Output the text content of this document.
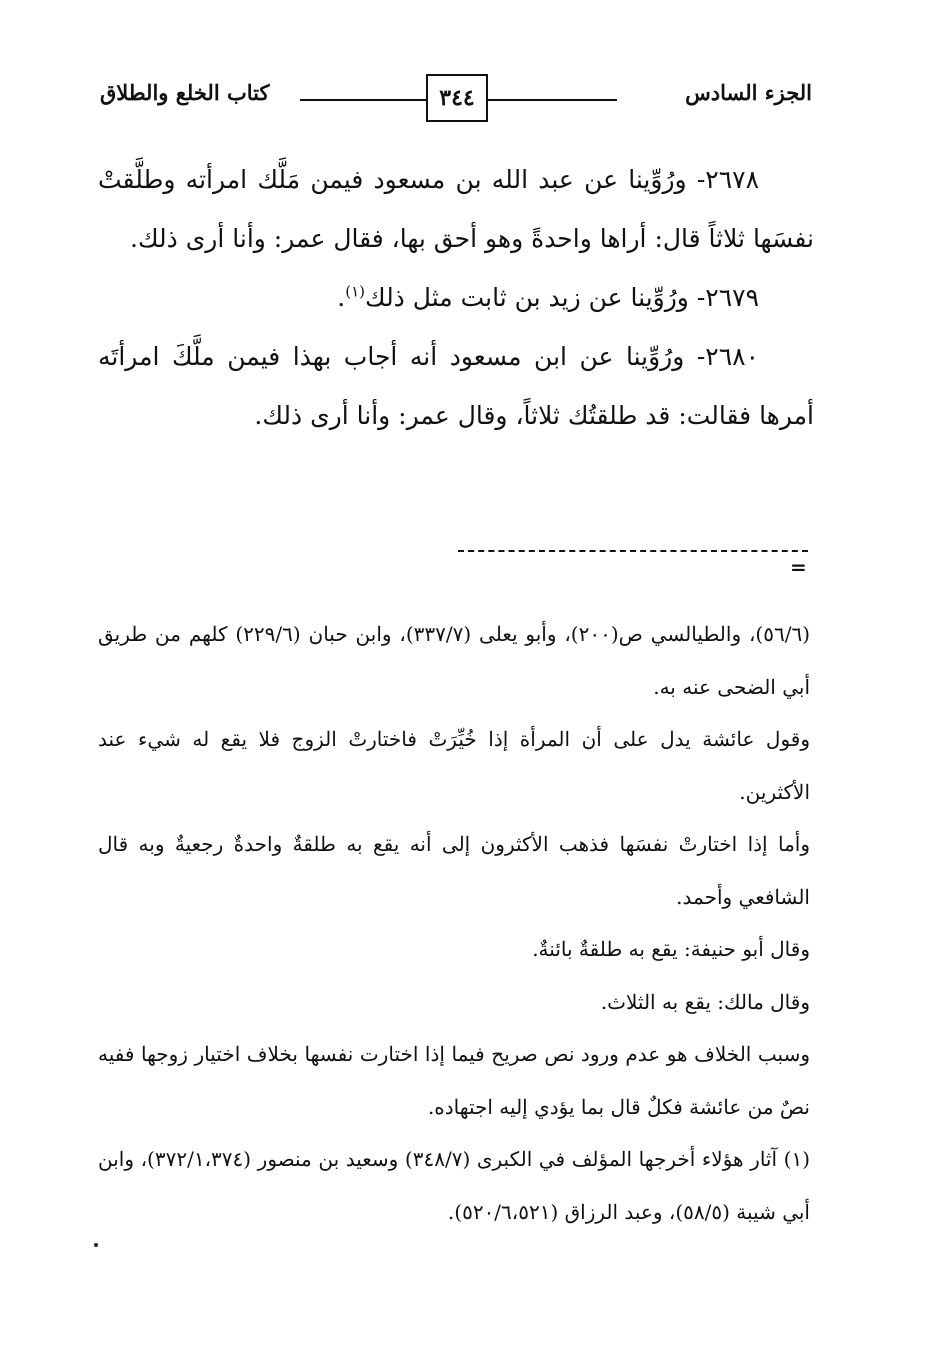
كتاب الخلع والطلاق	٣٤٤	الجزء السادس

٢٦٧٨- ورُوِّينا عن عبد الله بن مسعود فيمن مَلَّك امرأته وطلَّقتْ نفسَها ثلاثاً قال: أراها واحدةً وهو أحق بها، فقال عمر: وأنا أرى ذلك.

٢٦٧٩- ورُوِّينا عن زيد بن ثابت مثل ذلك$^{(١)}$.

٢٦٨٠- ورُوِّينا عن ابن مسعود أنه أجاب بهذا فيمن ملَّكَ امرأتَه أمرها فقالت: قد طلقتُك ثلاثاً، وقال عمر: وأنا أرى ذلك.

=

(٥٦/٦)، والطيالسي ص(٢٠٠)، وأبو يعلى (٣٣٧/٧)، وابن حبان (٢٢٩/٦) كلهم من طريق أبي الضحى عنه به.

وقول عائشة يدل على أن المرأة إذا خُيِّرَتْ فاختارتْ الزوج فلا يقع له شيء عند الأكثرين.

وأما إذا اختارتْ نفسَها فذهب الأكثرون إلى أنه يقع به طلقةٌ واحدةٌ رجعيةٌ وبه قال الشافعي وأحمد.

وقال أبو حنيفة: يقع به طلقةٌ بائنةٌ.

وقال مالك: يقع به الثلاث.

وسبب الخلاف هو عدم ورود نص صريح فيما إذا اختارت نفسها بخلاف اختيار زوجها ففيه نصٌ من عائشة فكلٌ قال بما يؤدي إليه اجتهاده.

(١) آثار هؤلاء أخرجها المؤلف في الكبرى (٣٤٨/٧) وسعيد بن منصور (٣٧٢/١،٣٧٤)، وابن أبي شيبة (٥٨/٥)، وعبد الرزاق (٥٢٠/٦،٥٢١).
